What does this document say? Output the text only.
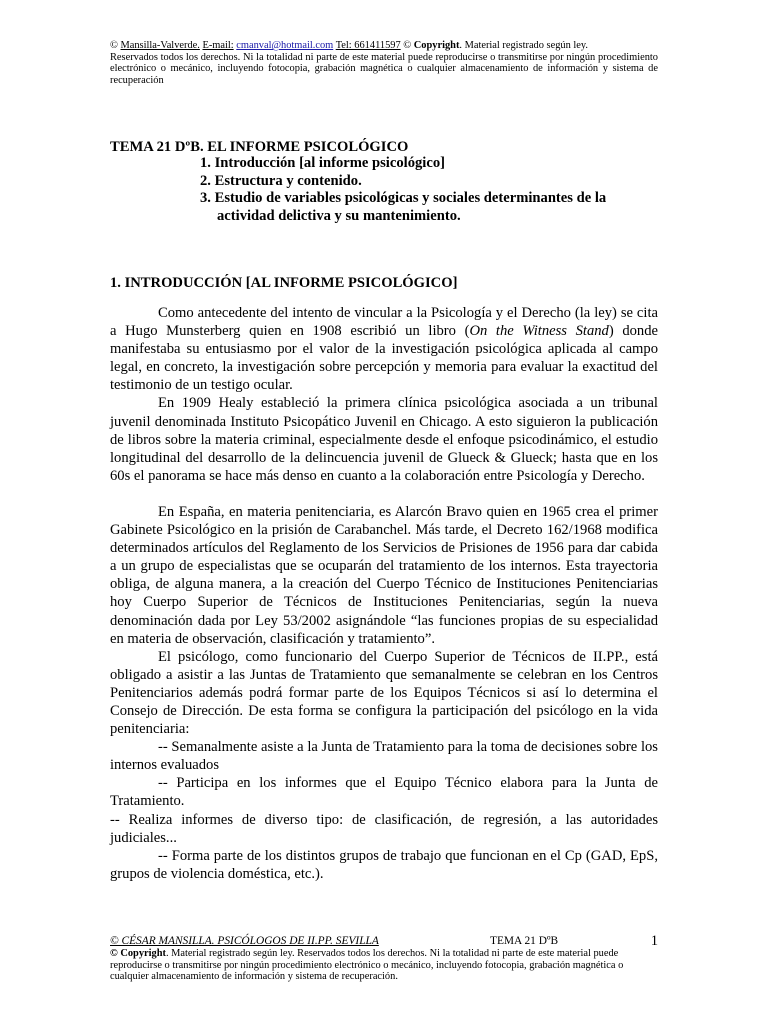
© Mansilla-Valverde. E-mail: cmanval@hotmail.com Tel: 661411597 © Copyright. Material registrado según ley.
Reservados todos los derechos. Ni la totalidad ni parte de este material puede reproducirse o transmitirse por ningún procedimiento electrónico o mecánico, incluyendo fotocopia, grabación magnética o cualquier almacenamiento de información y sistema de recuperación
TEMA 21 DºB. EL INFORME PSICOLÓGICO
1. Introducción [al informe psicológico]
2. Estructura y contenido.
3. Estudio de variables psicológicas y sociales determinantes de la actividad delictiva y su mantenimiento.
1. INTRODUCCIÓN [AL INFORME PSICOLÓGICO]

Como antecedente del intento de vincular a la Psicología y el Derecho (la ley) se cita a Hugo Munsterberg quien en 1908 escribió un libro (On the Witness Stand) donde manifestaba su entusiasmo por el valor de la investigación psicológica aplicada al campo legal, en concreto, la investigación sobre percepción y memoria para evaluar la exactitud del testimonio de un testigo ocular.

En 1909 Healy estableció la primera clínica psicológica asociada a un tribunal juvenil denominada Instituto Psicopático Juvenil en Chicago. A esto siguieron la publicación de libros sobre la materia criminal, especialmente desde el enfoque psicodinámico, el estudio longitudinal del desarrollo de la delincuencia juvenil de Glueck & Glueck; hasta que en los 60s el panorama se hace más denso en cuanto a la colaboración entre Psicología y Derecho.

En España, en materia penitenciaria, es Alarcón Bravo quien en 1965 crea el primer Gabinete Psicológico en la prisión de Carabanchel. Más tarde, el Decreto 162/1968 modifica determinados artículos del Reglamento de los Servicios de Prisiones de 1956 para dar cabida a un grupo de especialistas que se ocuparán del tratamiento de los internos. Esta trayectoria obliga, de alguna manera, a la creación del Cuerpo Técnico de Instituciones Penitenciarias hoy Cuerpo Superior de Técnicos de Instituciones Penitenciarias, según la nueva denominación dada por Ley 53/2002 asignándole “las funciones propias de su especialidad en materia de observación, clasificación y tratamiento”.

El psicólogo, como funcionario del Cuerpo Superior de Técnicos de II.PP., está obligado a asistir a las Juntas de Tratamiento que semanalmente se celebran en los Centros Penitenciarios además podrá formar parte de los Equipos Técnicos si así lo determina el Consejo de Dirección. De esta forma se configura la participación del psicólogo en la vida penitenciaria:

-- Semanalmente asiste a la Junta de Tratamiento para la toma de decisiones sobre los internos evaluados

-- Participa en los informes que el Equipo Técnico elabora para la Junta de Tratamiento.

-- Realiza informes de diverso tipo: de clasificación, de regresión, a las autoridades judiciales...

-- Forma parte de los distintos grupos de trabajo que funcionan en el Cp (GAD, EpS, grupos de violencia doméstica, etc.).

© CÉSAR MANSILLA. PSICÓLOGOS DE II.PP. SEVILLA	TEMA 21 DºB	1
© Copyright. Material registrado según ley. Reservados todos los derechos. Ni la totalidad ni parte de este material puede reproducirse o transmitirse por ningún procedimiento electrónico o mecánico, incluyendo fotocopia, grabación magnética o cualquier almacenamiento de información y sistema de recuperación.
